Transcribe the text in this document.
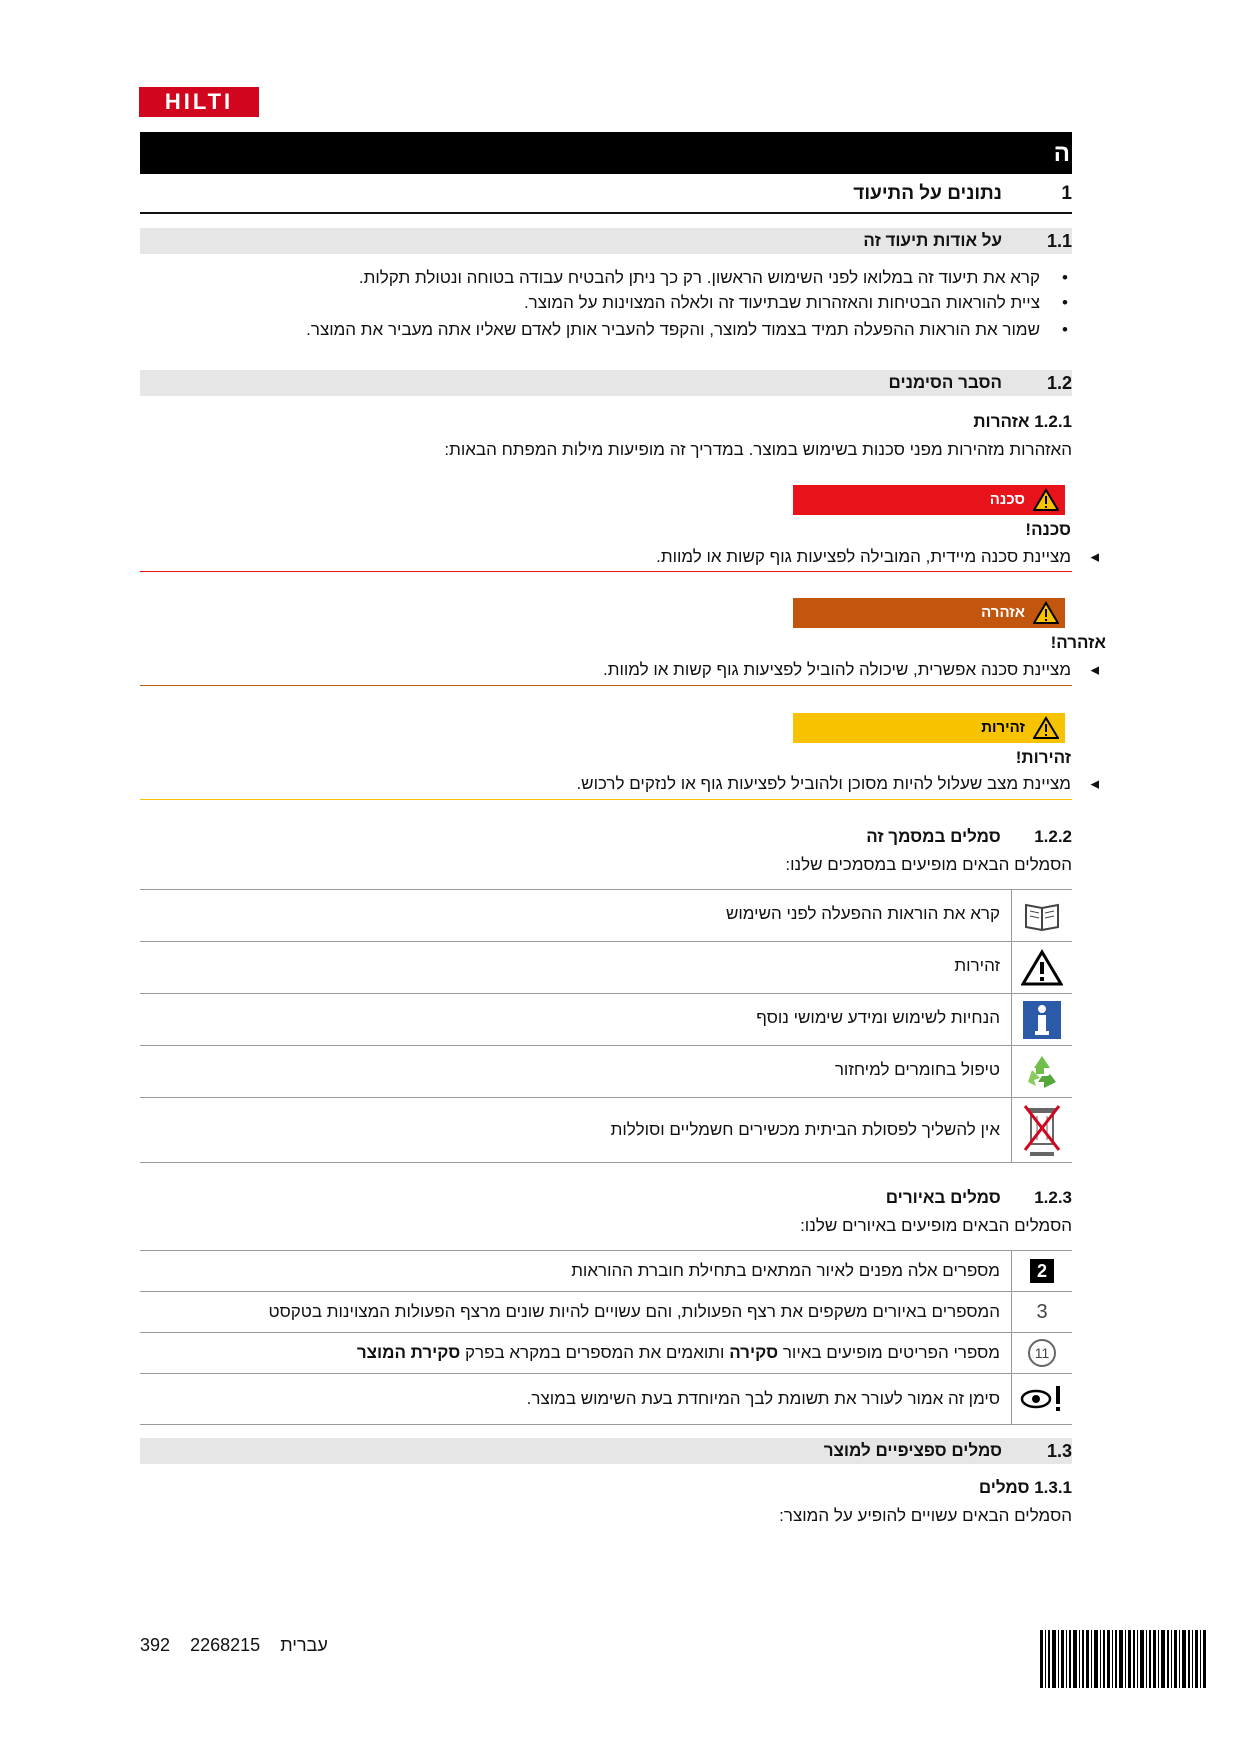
HILTI
ה
1
נתונים על התיעוד
1.1
על אודות תיעוד זה
•
קרא את תיעוד זה במלואו לפני השימוש הראשון. רק כך ניתן להבטיח עבודה בטוחה ונטולת תקלות.
•
ציית להוראות הבטיחות והאזהרות שבתיעוד זה ולאלה המצוינות על המוצר.
•
שמור את הוראות ההפעלה תמיד בצמוד למוצר, והקפד להעביר אותן לאדם שאליו אתה מעביר את המוצר.
1.2
הסבר הסימנים
1.2.1 אזהרות
האזהרות מזהירות מפני סכנות בשימוש במוצר. במדריך זה מופיעות מילות המפתח הבאות:
סכנה
סכנה!
◂
מציינת סכנה מיידית, המובילה לפציעות גוף קשות או למוות.
אזהרה
אזהרה!
◂
מציינת סכנה אפשרית, שיכולה להוביל לפציעות גוף קשות או למוות.
זהירות
זהירות!
◂
מציינת מצב שעלול להיות מסוכן ולהוביל לפציעות גוף או לנזקים לרכוש.
1.2.2  סמלים במסמך זה
הסמלים הבאים מופיעים במסמכים שלנו:
קרא את הוראות ההפעלה לפני השימוש
זהירות
הנחיות לשימוש ומידע שימושי נוסף
טיפול בחומרים למיחזור
אין להשליך לפסולת הביתית מכשירים חשמליים וסוללות
1.2.3  סמלים באיורים
הסמלים הבאים מופיעים באיורים שלנו:
2
מספרים אלה מפנים לאיור המתאים בתחילת חוברת ההוראות
3
המספרים באיורים משקפים את רצף הפעולות, והם עשויים להיות שונים מרצף הפעולות המצוינות בטקסט
11
מספרי הפריטים מופיעים באיור סקירה ותואמים את המספרים במקרא בפרק סקירת המוצר
סימן זה אמור לעורר את תשומת לבך המיוחדת בעת השימוש במוצר.
1.3
סמלים ספציפיים למוצר
1.3.1 סמלים
הסמלים הבאים עשויים להופיע על המוצר:
392	עברית  2268215
